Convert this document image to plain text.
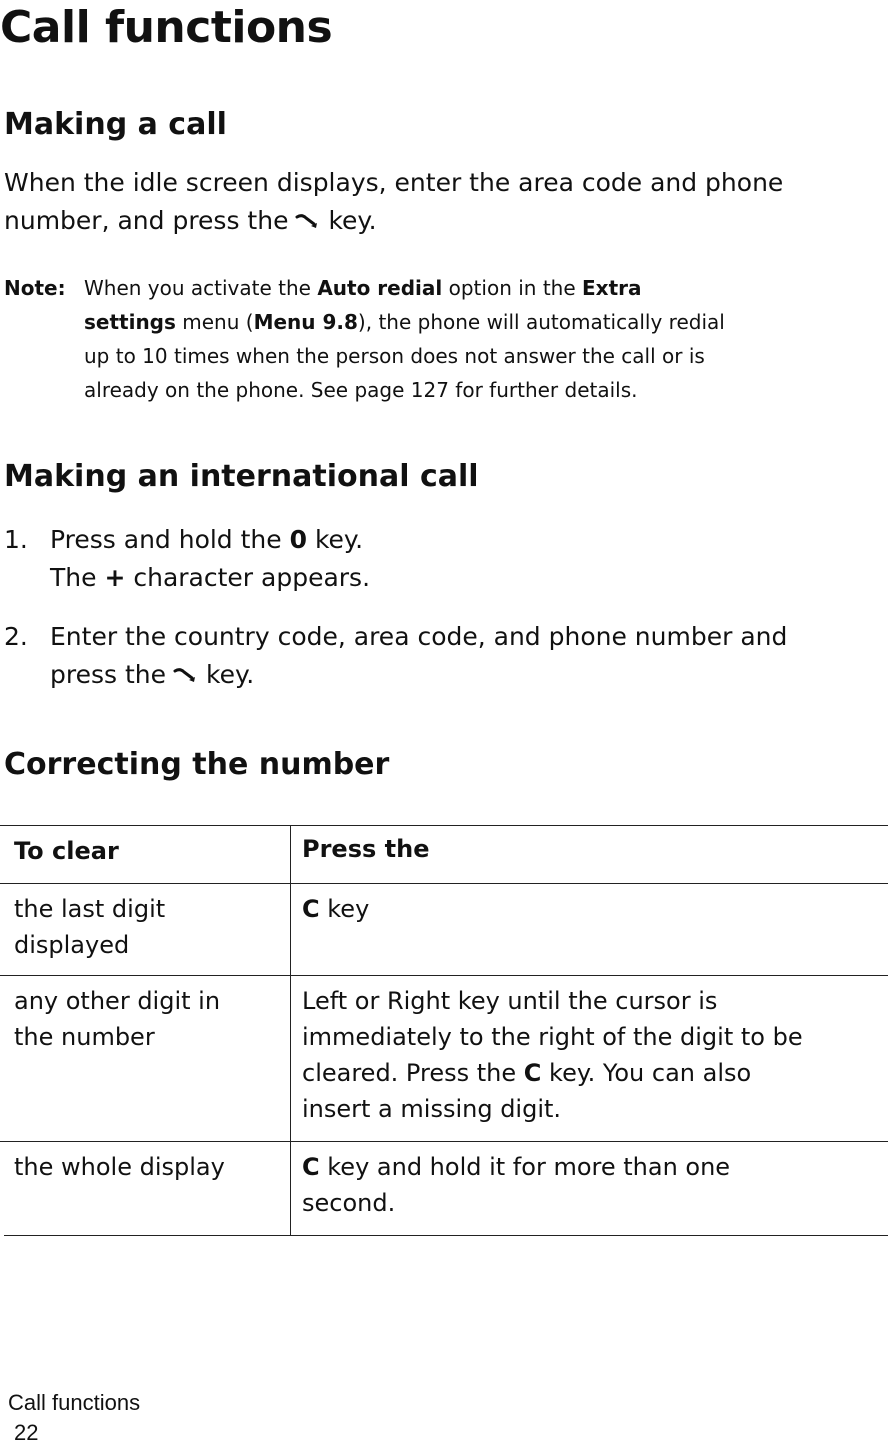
Call functions
Making a call

When the idle screen displays, enter the area code and phone

number, and press the key.

Note: When you activate the Auto redial option in the Extra
settings menu (Menu 9.8), the phone will automatically redial
up to 10 times when the person does not answer the call or is
already on the phone. See page 127 for further details.
Making an international call
1. Press and hold the 0 key.

The + character appears.

2. Enter the country code, area code, and phone number and

press the key.

Correcting the number

To clear	Press the

the last digit

displayed

C key

any other digit in

the number

Left or Right key until the cursor is

immediately to the right of the digit to be

cleared. Press the C key. You can also

insert a missing digit.

the whole display	C key and hold it for more than one

second.

Call functions
22
